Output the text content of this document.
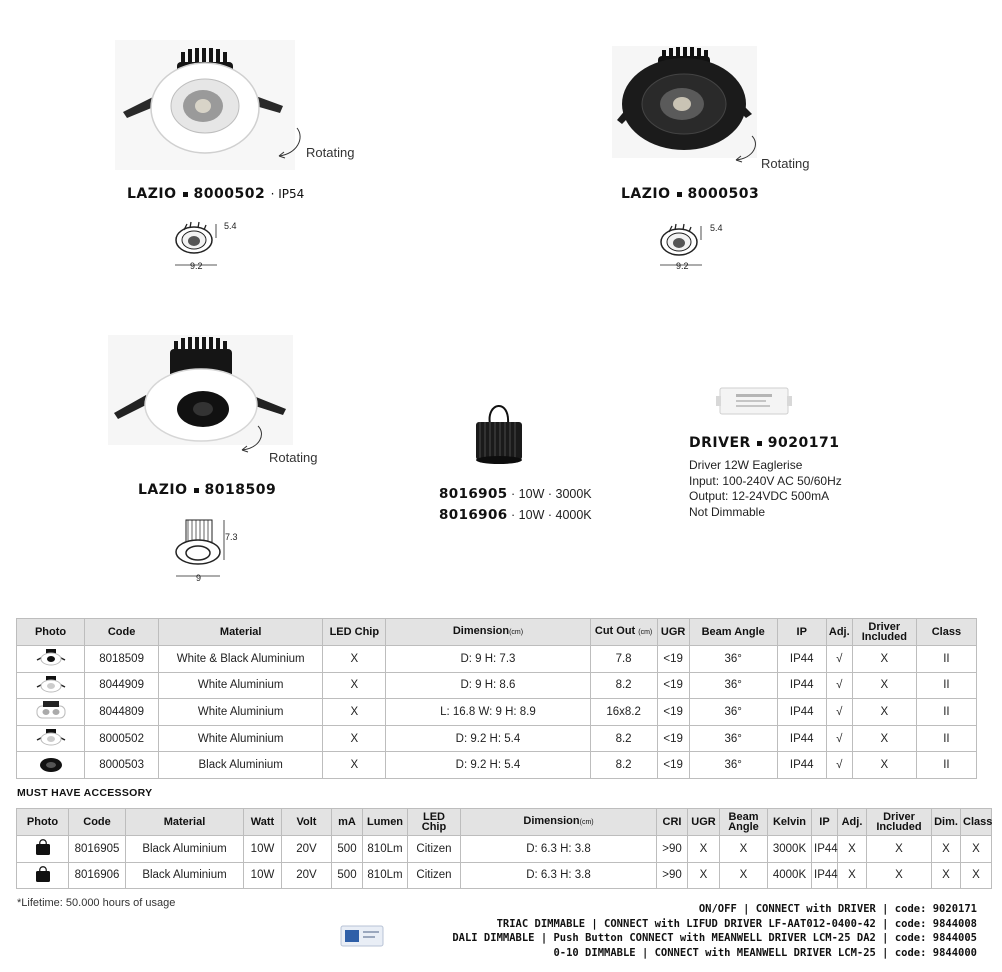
Rotating
LAZIO 8000502 · IP54
5.4
9.2
Rotating
LAZIO 8000503
5.4
9.2
Rotating
LAZIO 8018509
7.3
9
8016905 · 10W · 3000K
8016906 · 10W · 4000K
DRIVER 9020171
Driver 12W Eaglerise
Input: 100-240V AC 50/60Hz
Output: 12-24VDC 500mA
Not Dimmable
Photo	Code	Material	LED Chip	Dimension(cm)	Cut Out (cm)	UGR	Beam Angle	IP	Adj.	Driver Included	Class
	8018509	White & Black Aluminium	X	D: 9 H: 7.3	7.8	<19	36°	IP44	√	X	II
	8044909	White Aluminium	X	D: 9 H: 8.6	8.2	<19	36°	IP44	√	X	II
	8044809	White Aluminium	X	L: 16.8 W: 9 H: 8.9	16x8.2	<19	36°	IP44	√	X	II
	8000502	White Aluminium	X	D: 9.2 H: 5.4	8.2	<19	36°	IP44	√	X	II
	8000503	Black Aluminium	X	D: 9.2 H: 5.4	8.2	<19	36°	IP44	√	X	II
MUST HAVE ACCESSORY
Photo	Code	Material	Watt	Volt	mA	Lumen	LED Chip	Dimension(cm)	CRI	UGR	Beam Angle	Kelvin	IP	Adj.	Driver Included	Dim.	Class
	8016905	Black Aluminium	10W	20V	500	810Lm	Citizen	D: 6.3 H: 3.8	>90	X	X	3000K	IP44	X	X	X	X
	8016906	Black Aluminium	10W	20V	500	810Lm	Citizen	D: 6.3 H: 3.8	>90	X	X	4000K	IP44	X	X	X	X
*Lifetime: 50.000 hours of usage	ON/OFF | CONNECT with DRIVER | code: 9020171
TRIAC DIMMABLE | CONNECT with LIFUD DRIVER LF-AAT012-0400-42 | code: 9844008
DALI DIMMABLE | Push Button CONNECT with MEANWELL DRIVER LCM-25 DA2 | code: 9844005
0-10 DIMMABLE | CONNECT with MEANWELL DRIVER LCM-25 | code: 9844000
